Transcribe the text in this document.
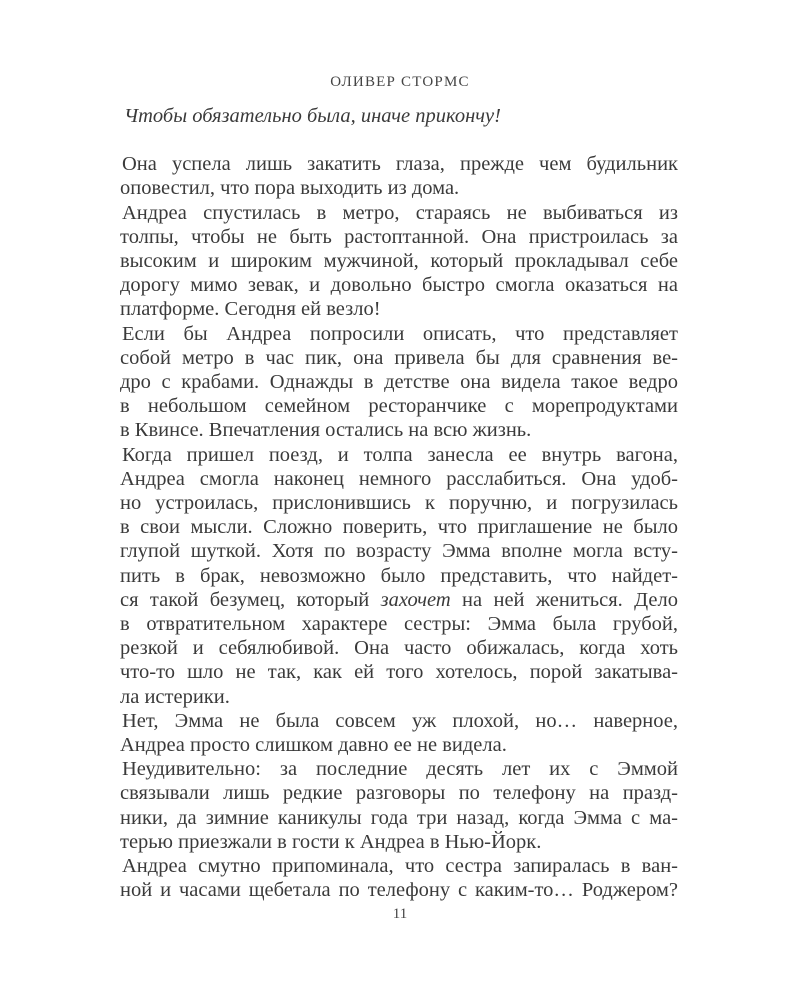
ОЛИВЕР СТОРМС

Чтобы обязательно была, иначе прикончу!

Она успела лишь закатить глаза, прежде чем будильник
оповестил, что пора выходить из дома.

Андреа спустилась в метро, стараясь не выбиваться из
толпы, чтобы не быть растоптанной. Она пристроилась за
высоким и широким мужчиной, который прокладывал себе
дорогу мимо зевак, и довольно быстро смогла оказаться на
платформе. Сегодня ей везло!

Если бы Андреа попросили описать, что представляет
собой метро в час пик, она привела бы для сравнения ве-
дро с крабами. Однажды в детстве она видела такое ведро
в небольшом семейном ресторанчике с морепродуктами
в Квинсе. Впечатления остались на всю жизнь.

Когда пришел поезд, и толпа занесла ее внутрь вагона,
Андреа смогла наконец немного расслабиться. Она удоб-
но устроилась, прислонившись к поручню, и погрузилась
в свои мысли. Сложно поверить, что приглашение не было
глупой шуткой. Хотя по возрасту Эмма вполне могла всту-
пить в брак, невозможно было представить, что найдет-
ся такой безумец, который захочет на ней жениться. Дело
в отвратительном характере сестры: Эмма была грубой,
резкой и себялюбивой. Она часто обижалась, когда хоть
что-то шло не так, как ей того хотелось, порой закатыва-
ла истерики.

Нет, Эмма не была совсем уж плохой, но… наверное,
Андреа просто слишком давно ее не видела.

Неудивительно: за последние десять лет их с Эммой
связывали лишь редкие разговоры по телефону на празд-
ники, да зимние каникулы года три назад, когда Эмма с ма-
терью приезжали в гости к Андреа в Нью-Йорк.

Андреа смутно припоминала, что сестра запиралась в ван-
ной и часами щебетала по телефону с каким-то… Роджером?

11
